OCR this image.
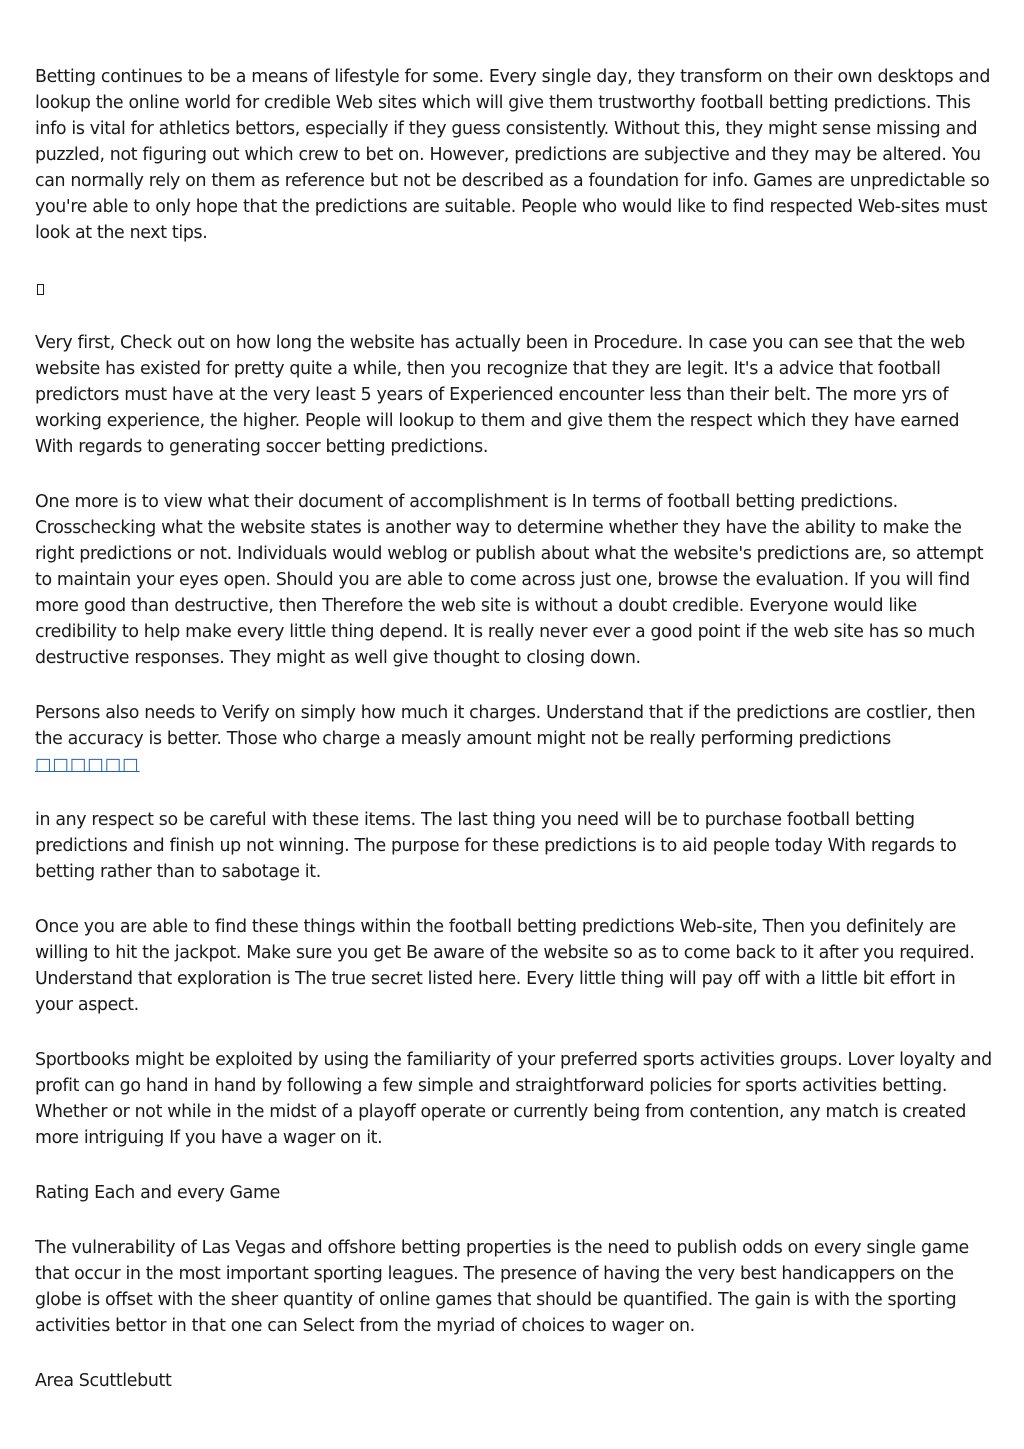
Betting continues to be a means of lifestyle for some. Every single day, they transform on their own desktops and lookup the online world for credible Web sites which will give them trustworthy football betting predictions. This info is vital for athletics bettors, especially if they guess consistently. Without this, they might sense missing and puzzled, not figuring out which crew to bet on. However, predictions are subjective and they may be altered. You can normally rely on them as reference but not be described as a foundation for info. Games are unpredictable so you're able to only hope that the predictions are suitable. People who would like to find respected Web-sites must look at the next tips.

Very first, Check out on how long the website has actually been in Procedure. In case you can see that the web website has existed for pretty quite a while, then you recognize that they are legit. It's a advice that football predictors must have at the very least 5 years of Experienced encounter less than their belt. The more yrs of working experience, the higher. People will lookup to them and give them the respect which they have earned With regards to generating soccer betting predictions.

One more is to view what their document of accomplishment is In terms of football betting predictions. Crosschecking what the website states is another way to determine whether they have the ability to make the right predictions or not. Individuals would weblog or publish about what the website's predictions are, so attempt to maintain your eyes open. Should you are able to come across just one, browse the evaluation. If you will find more good than destructive, then Therefore the web site is without a doubt credible. Everyone would like credibility to help make every little thing depend. It is really never ever a good point if the web site has so much destructive responses. They might as well give thought to closing down.

Persons also needs to Verify on simply how much it charges. Understand that if the predictions are costlier, then the accuracy is better. Those who charge a measly amount might not be really performing predictions □□□□□□

in any respect so be careful with these items. The last thing you need will be to purchase football betting predictions and finish up not winning. The purpose for these predictions is to aid people today With regards to betting rather than to sabotage it.

Once you are able to find these things within the football betting predictions Web-site, Then you definitely are willing to hit the jackpot. Make sure you get Be aware of the website so as to come back to it after you required. Understand that exploration is The true secret listed here. Every little thing will pay off with a little bit effort in your aspect.

Sportbooks might be exploited by using the familiarity of your preferred sports activities groups. Lover loyalty and profit can go hand in hand by following a few simple and straightforward policies for sports activities betting. Whether or not while in the midst of a playoff operate or currently being from contention, any match is created more intriguing If you have a wager on it.

Rating Each and every Game

The vulnerability of Las Vegas and offshore betting properties is the need to publish odds on every single game that occur in the most important sporting leagues. The presence of having the very best handicappers on the globe is offset with the sheer quantity of online games that should be quantified. The gain is with the sporting activities bettor in that one can Select from the myriad of choices to wager on.

Area Scuttlebutt
